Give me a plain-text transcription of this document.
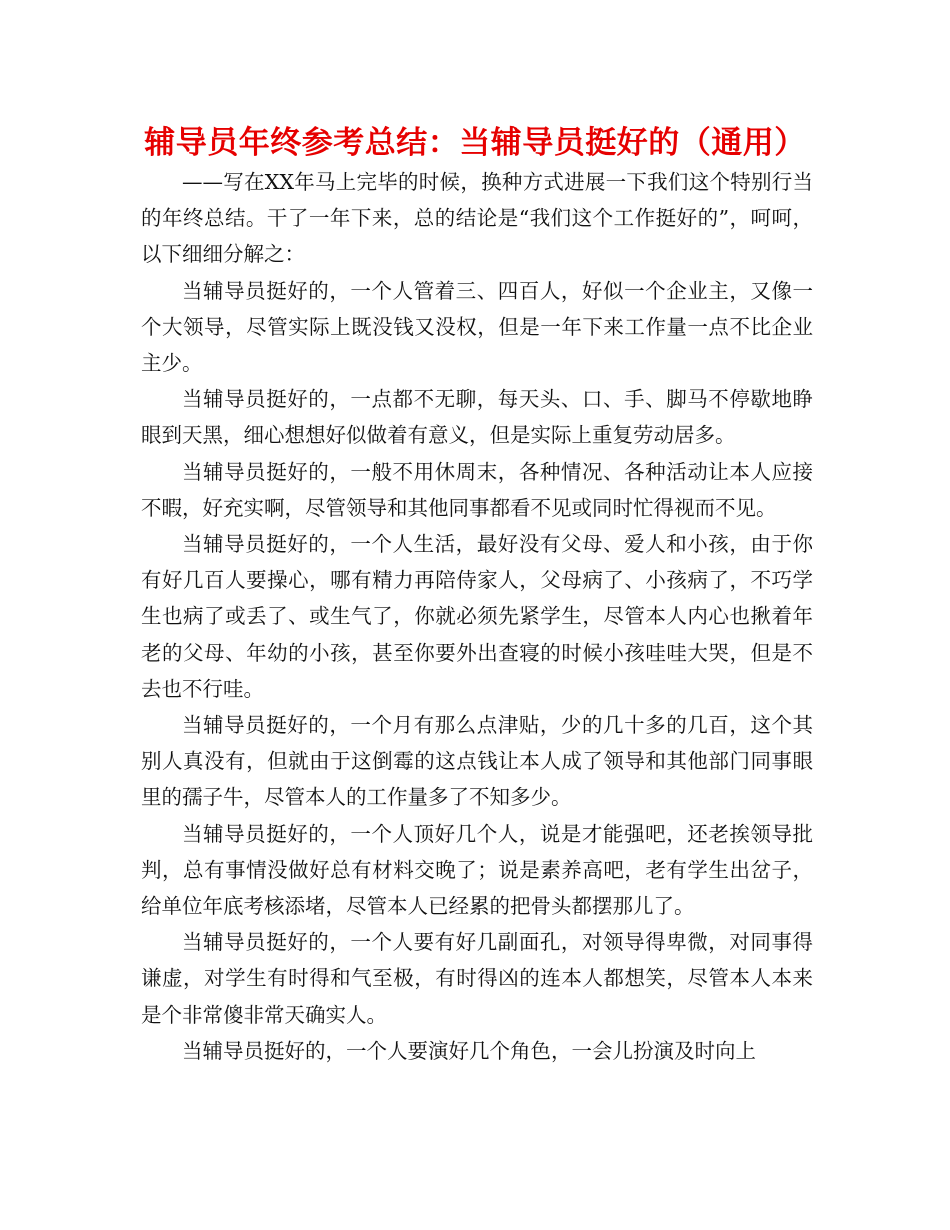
辅导员年终参考总结：当辅导员挺好的（通用）

——写在XX年马上完毕的时候，换种方式进展一下我们这个特别行当的年终总结。干了一年下来，总的结论是“我们这个工作挺好的”，呵呵，以下细细分解之：

当辅导员挺好的，一个人管着三、四百人，好似一个企业主，又像一个大领导，尽管实际上既没钱又没权，但是一年下来工作量一点不比企业主少。

当辅导员挺好的，一点都不无聊，每天头、口、手、脚马不停歇地睁眼到天黑，细心想想好似做着有意义，但是实际上重复劳动居多。

当辅导员挺好的，一般不用休周末，各种情况、各种活动让本人应接不暇，好充实啊，尽管领导和其他同事都看不见或同时忙得视而不见。

当辅导员挺好的，一个人生活，最好没有父母、爱人和小孩，由于你有好几百人要操心，哪有精力再陪侍家人，父母病了、小孩病了，不巧学生也病了或丢了、或生气了，你就必须先紧学生，尽管本人内心也揪着年老的父母、年幼的小孩，甚至你要外出查寝的时候小孩哇哇大哭，但是不去也不行哇。

当辅导员挺好的，一个月有那么点津贴，少的几十多的几百，这个其别人真没有，但就由于这倒霉的这点钱让本人成了领导和其他部门同事眼里的孺子牛，尽管本人的工作量多了不知多少。

当辅导员挺好的，一个人顶好几个人，说是才能强吧，还老挨领导批判，总有事情没做好总有材料交晚了；说是素养高吧，老有学生出岔子，给单位年底考核添堵，尽管本人已经累的把骨头都摆那儿了。

当辅导员挺好的，一个人要有好几副面孔，对领导得卑微，对同事得谦虚，对学生有时得和气至极，有时得凶的连本人都想笑，尽管本人本来是个非常傻非常天确实人。

当辅导员挺好的，一个人要演好几个角色，一会儿扮演及时向上
